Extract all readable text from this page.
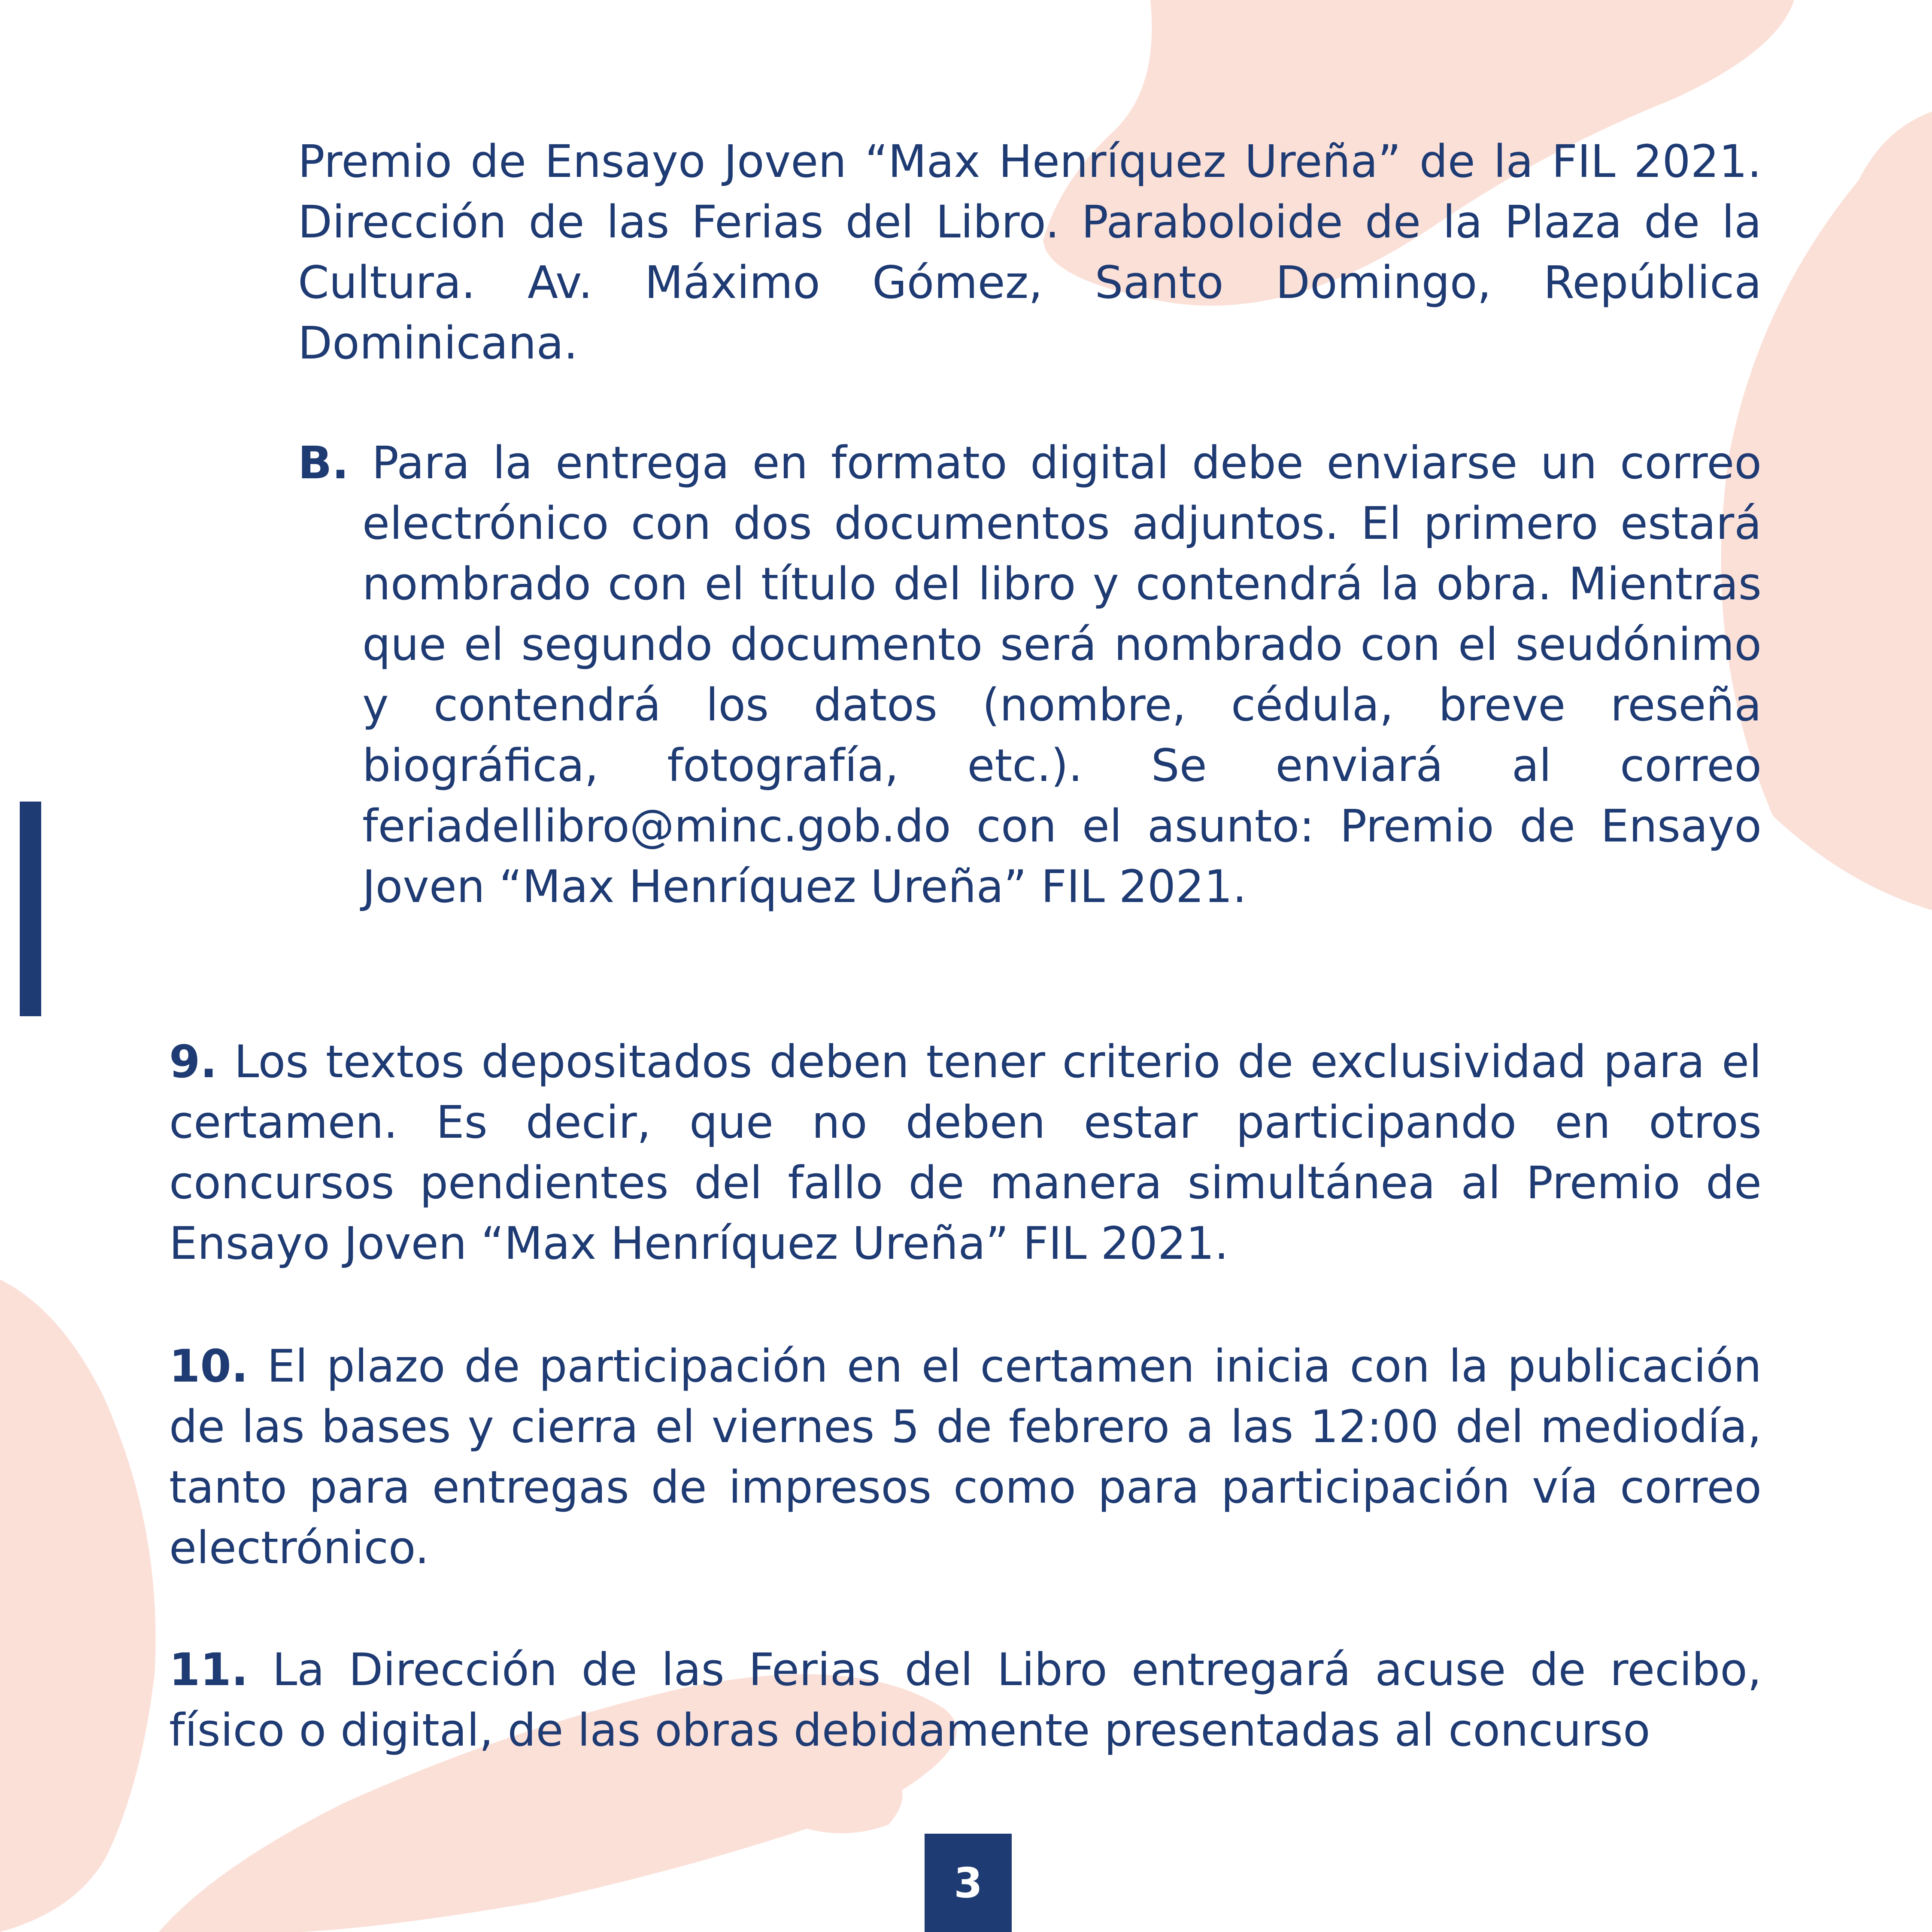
Premio de Ensayo Joven “Max Henríquez Ureña” de la FIL 2021. Dirección de las Ferias del Libro. Paraboloide de la Plaza de la Cultura. Av. Máximo Gómez, Santo Domingo, República Dominicana.

B. Para la entrega en formato digital debe enviarse un correo electrónico con dos documentos adjuntos. El primero estará nombrado con el título del libro y contendrá la obra. Mientras que el segundo documento será nombrado con el seudónimo y contendrá los datos (nombre, cédula, breve reseña biográfica, fotografía, etc.). Se enviará al correo feriadellibro@minc.gob.do con el asunto: Premio de Ensayo Joven “Max Henríquez Ureña” FIL 2021.

9. Los textos depositados deben tener criterio de exclusividad para el certamen. Es decir, que no deben estar participando en otros concursos pendientes del fallo de manera simultánea al Premio de Ensayo Joven “Max Henríquez Ureña” FIL 2021.

10. El plazo de participación en el certamen inicia con la publicación de las bases y cierra el viernes 5 de febrero a las 12:00 del mediodía, tanto para entregas de impresos como para participación vía correo electrónico.

11. La Dirección de las Ferias del Libro entregará acuse de recibo, físico o digital, de las obras debidamente presentadas al concurso

3
